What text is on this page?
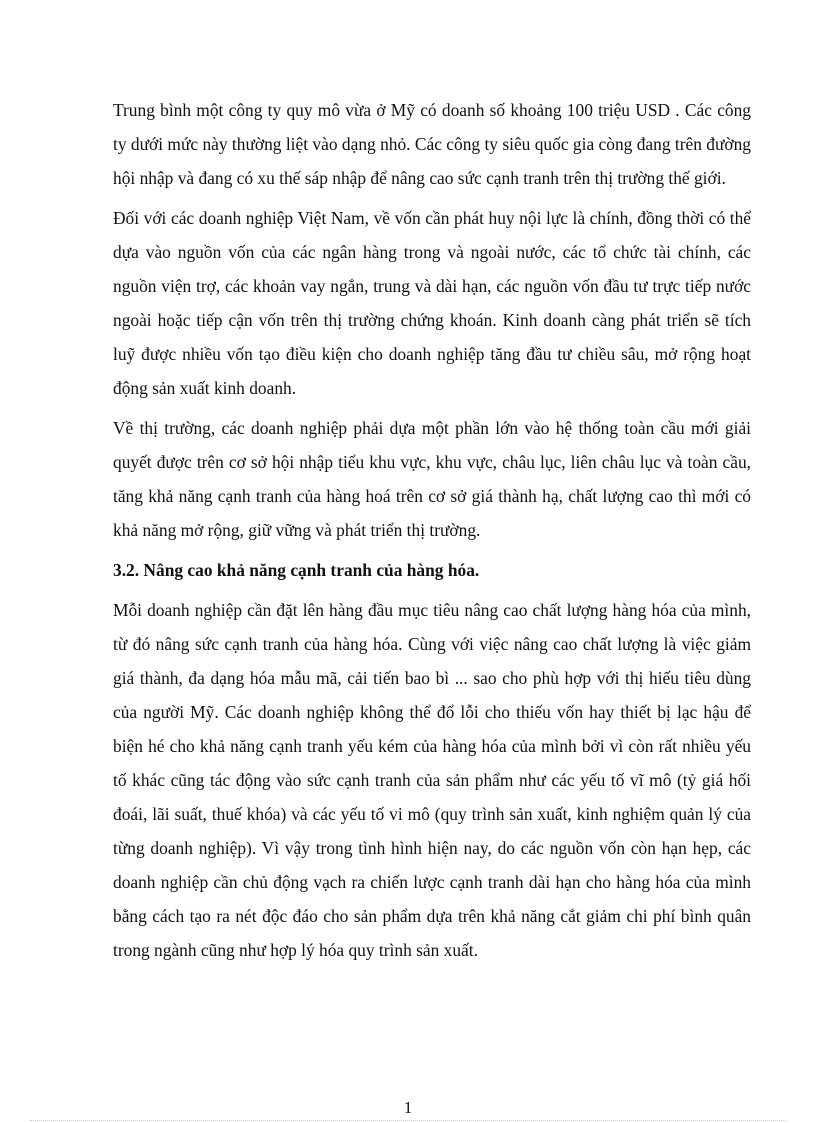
Trung bình một công ty quy mô vừa ở Mỹ có doanh số khoảng 100 triệu USD . Các công ty dưới mức này thường liệt vào dạng nhỏ. Các công ty siêu quốc gia còng đang trên đường hội nhập và đang có xu thế sáp nhập để nâng cao sức cạnh tranh trên thị trường thế giới.

Đối với các doanh nghiệp Việt Nam, về vốn cần phát huy nội lực là chính, đồng thời có thể dựa vào nguồn vốn của các ngân hàng trong và ngoài nước, các tổ chức tài chính, các nguồn viện trợ, các khoản vay ngắn, trung và dài hạn, các nguồn vốn đầu tư trực tiếp nước ngoài hoặc tiếp cận vốn trên thị trường chứng khoán. Kinh doanh càng phát triển sẽ tích luỹ được nhiều vốn tạo điều kiện cho doanh nghiệp tăng đầu tư chiều sâu, mở rộng hoạt động sản xuất kinh doanh.

Về thị trường, các doanh nghiệp phải dựa một phần lớn vào hệ thống toàn cầu mới giải quyết được trên cơ sở hội nhập tiểu khu vực, khu vực, châu lục, liên châu lục và toàn cầu, tăng khả năng cạnh tranh của hàng hoá trên cơ sở giá thành hạ, chất lượng cao thì mới có khả năng mở rộng, giữ vững và phát triển thị trường.

3.2. Nâng cao khả năng cạnh tranh của hàng hóa.

Mỗi doanh nghiệp cần đặt lên hàng đầu mục tiêu nâng cao chất lượng hàng hóa của mình, từ đó nâng sức cạnh tranh của hàng hóa. Cùng với việc nâng cao chất lượng là việc giảm giá thành, đa dạng hóa mẫu mã, cải tiến bao bì ... sao cho phù hợp với thị hiếu tiêu dùng của người Mỹ. Các doanh nghiệp không thể đổ lỗi cho thiếu vốn hay thiết bị lạc hậu để biện hé cho khả năng cạnh tranh yếu kém của hàng hóa của mình bởi vì còn rất nhiều yếu tố khác cũng tác động vào sức cạnh tranh của sản phẩm như các yếu tố vĩ mô (tỷ giá hối đoái, lãi suất, thuế khóa) và các yếu tố vi mô (quy trình sản xuất, kinh nghiệm quản lý của từng doanh nghiệp). Vì vậy trong tình hình hiện nay, do các nguồn vốn còn hạn hẹp, các doanh nghiệp cần chủ động vạch ra chiến lược cạnh tranh dài hạn cho hàng hóa của mình bằng cách tạo ra nét độc đáo cho sản phẩm dựa trên khả năng cắt giảm chi phí bình quân trong ngành cũng như hợp lý hóa quy trình sản xuất.

1
